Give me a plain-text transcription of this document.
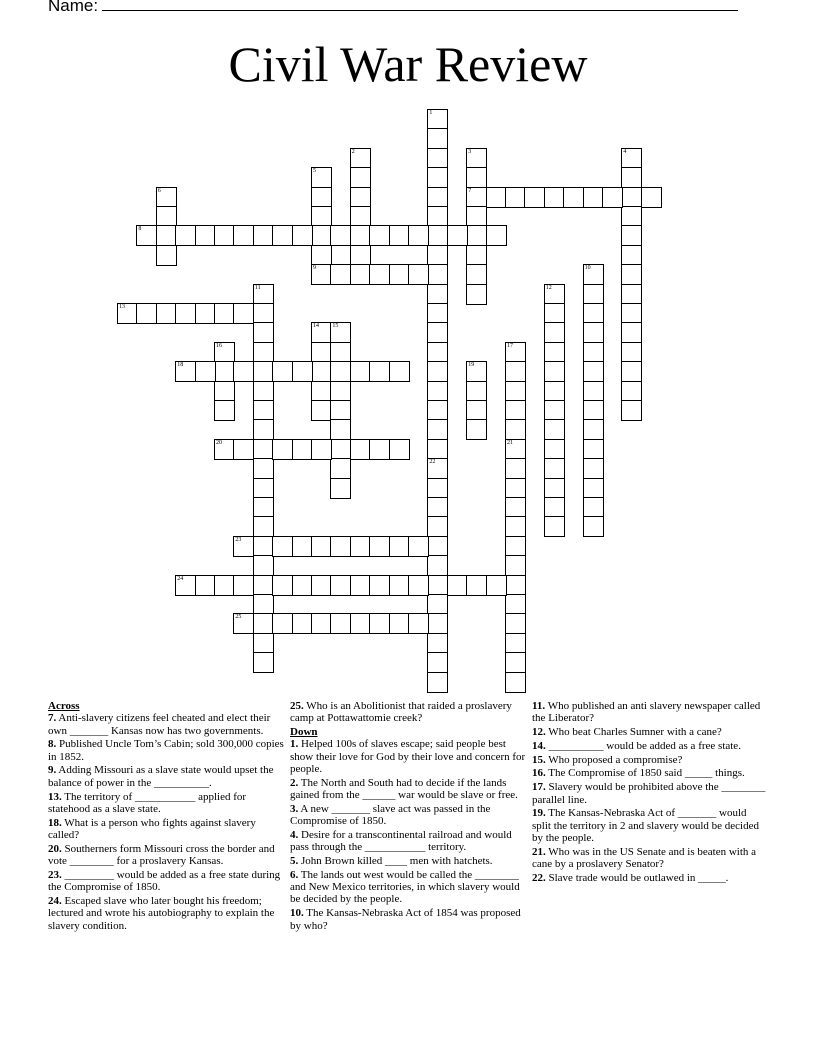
Name:
Civil War Review
1
22
2	3
7
4
5
6
8
9	10
11	12
13
14 15
16	17
18	19
20	21
23
24
25
Across
7. Anti-slavery citizens feel cheated and elect their own _______ Kansas now has two governments.
8. Published Uncle Tom’s Cabin; sold 300,000 copies in 1852.
9. Adding Missouri as a slave state would upset the balance of power in the __________.
13. The territory of ___________ applied for statehood as a slave state.
18. What is a person who fights against slavery called?
20. Southerners form Missouri cross the border and vote ________ for a proslavery Kansas.
23. _________ would be added as a free state during the Compromise of 1850.
24. Escaped slave who later bought his freedom; lectured and wrote his autobiography to explain the slavery condition.
25. Who is an Abolitionist that raided a proslavery camp at Pottawattomie creek?
Down
1. Helped 100s of slaves escape; said people best show their love for God by their love and concern for people.
2. The North and South had to decide if the lands gained from the ______ war would be slave or free.
3. A new _______ slave act was passed in the Compromise of 1850.
4. Desire for a transcontinental railroad and would pass through the ___________ territory.
5. John Brown killed ____ men with hatchets.
6. The lands out west would be called the ________ and New Mexico territories, in which slavery would be decided by the people.
10. The Kansas-Nebraska Act of 1854 was proposed by who?
11. Who published an anti slavery newspaper called the Liberator?
12. Who beat Charles Sumner with a cane?
14. __________ would be added as a free state.
15. Who proposed a compromise?
16. The Compromise of 1850 said _____ things.
17. Slavery would be prohibited above the ________ parallel line.
19. The Kansas-Nebraska Act of _______ would split the territory in 2 and slavery would be decided by the people.
21. Who was in the US Senate and is beaten with a cane by a proslavery Senator?
22. Slave trade would be outlawed in _____.
